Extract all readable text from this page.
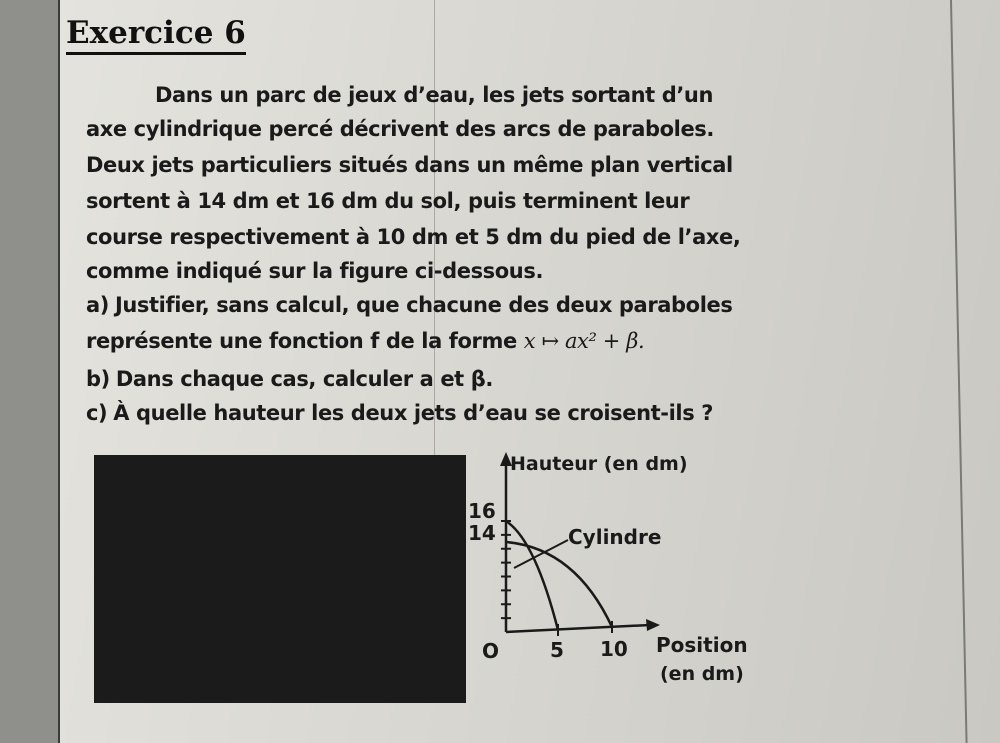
Exercice 6
Dans un parc de jeux d’eau, les jets sortant d’un
axe cylindrique percé décrivent des arcs de paraboles.
Deux jets particuliers situés dans un même plan vertical
sortent à 14 dm et 16 dm du sol, puis terminent leur
course respectivement à 10 dm et 5 dm du pied de l’axe,
comme indiqué sur la figure ci-dessous.
a) Justifier, sans calcul, que chacune des deux paraboles
représente une fonction f de la forme x ↦ ax² + β.
b) Dans chaque cas, calculer a et β.
c) À quelle hauteur les deux jets d’eau se croisent-ils ?
Hauteur (en dm)
16
14	Cylindre
O	5 10 Position
(en dm)
